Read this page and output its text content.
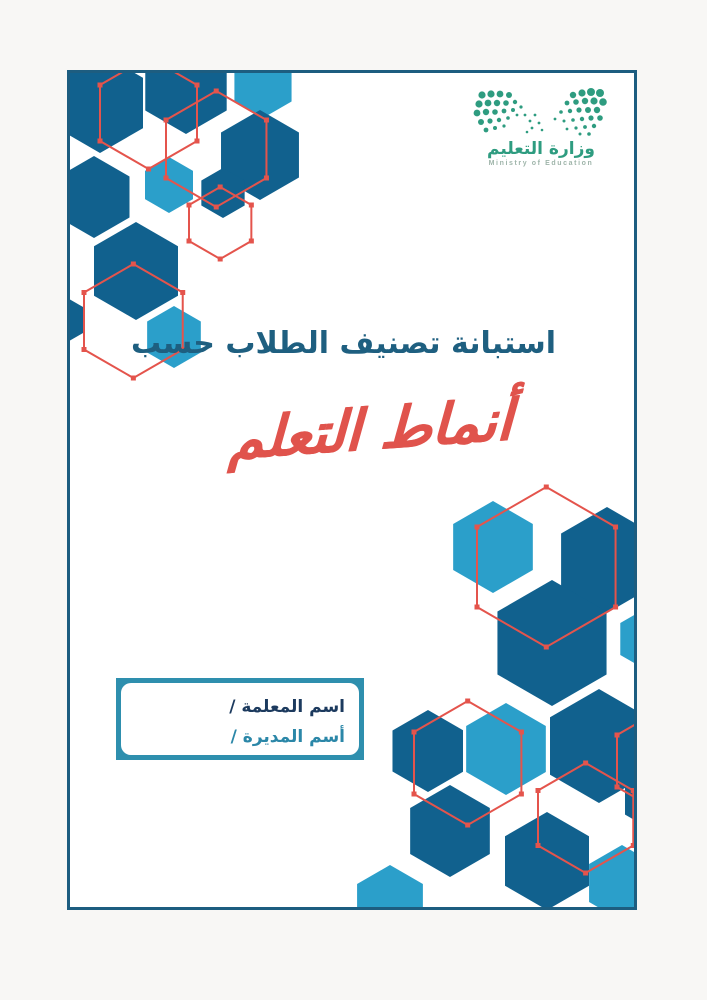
وزارة التعليم
Ministry of Education
استبانة تصنيف الطلاب حسب
أنماط التعلم
اسم المعلمة /
أسم المديرة /
